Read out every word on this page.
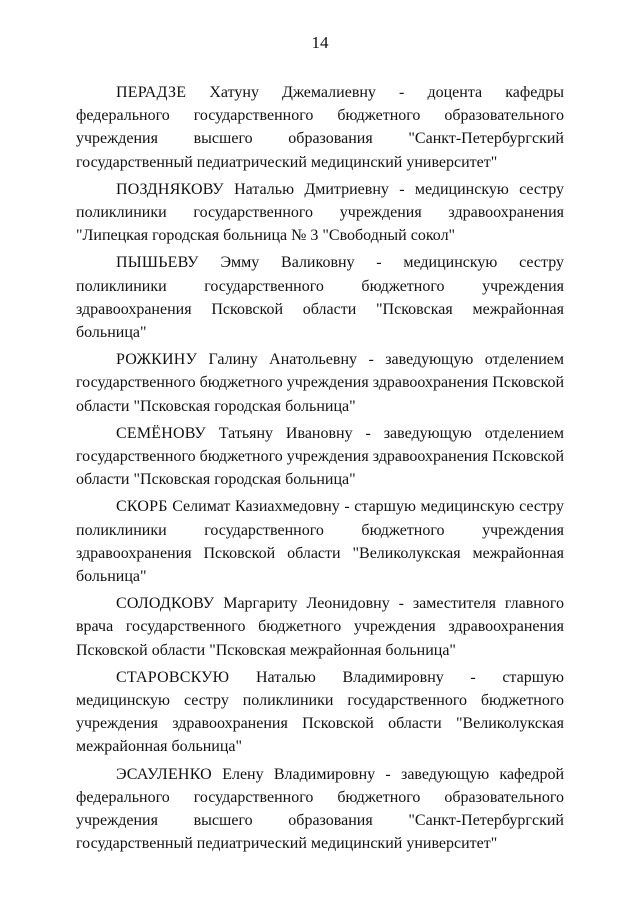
14

ПЕРАДЗЕ Хатуну Джемалиевну - доцента кафедры федерального государственного бюджетного образовательного учреждения высшего образования "Санкт-Петербургский государственный педиатрический медицинский университет"

ПОЗДНЯКОВУ Наталью Дмитриевну - медицинскую сестру поликлиники государственного учреждения здравоохранения "Липецкая городская больница № 3 "Свободный сокол"

ПЫШЬЕВУ Эмму Валиковну - медицинскую сестру поликлиники государственного бюджетного учреждения здравоохранения Псковской области "Псковская межрайонная больница"

РОЖКИНУ Галину Анатольевну - заведующую отделением государственного бюджетного учреждения здравоохранения Псковской области "Псковская городская больница"

СЕМЁНОВУ Татьяну Ивановну - заведующую отделением государственного бюджетного учреждения здравоохранения Псковской области "Псковская городская больница"

СКОРБ Селимат Казиахмедовну - старшую медицинскую сестру поликлиники государственного бюджетного учреждения здравоохранения Псковской области "Великолукская межрайонная больница"

СОЛОДКОВУ Маргариту Леонидовну - заместителя главного врача государственного бюджетного учреждения здравоохранения Псковской области "Псковская межрайонная больница"

СТАРОВСКУЮ Наталью Владимировну - старшую медицинскую сестру поликлиники государственного бюджетного учреждения здравоохранения Псковской области "Великолукская межрайонная больница"

ЭСАУЛЕНКО Елену Владимировну - заведующую кафедрой федерального государственного бюджетного образовательного учреждения высшего образования "Санкт-Петербургский государственный педиатрический медицинский университет"
